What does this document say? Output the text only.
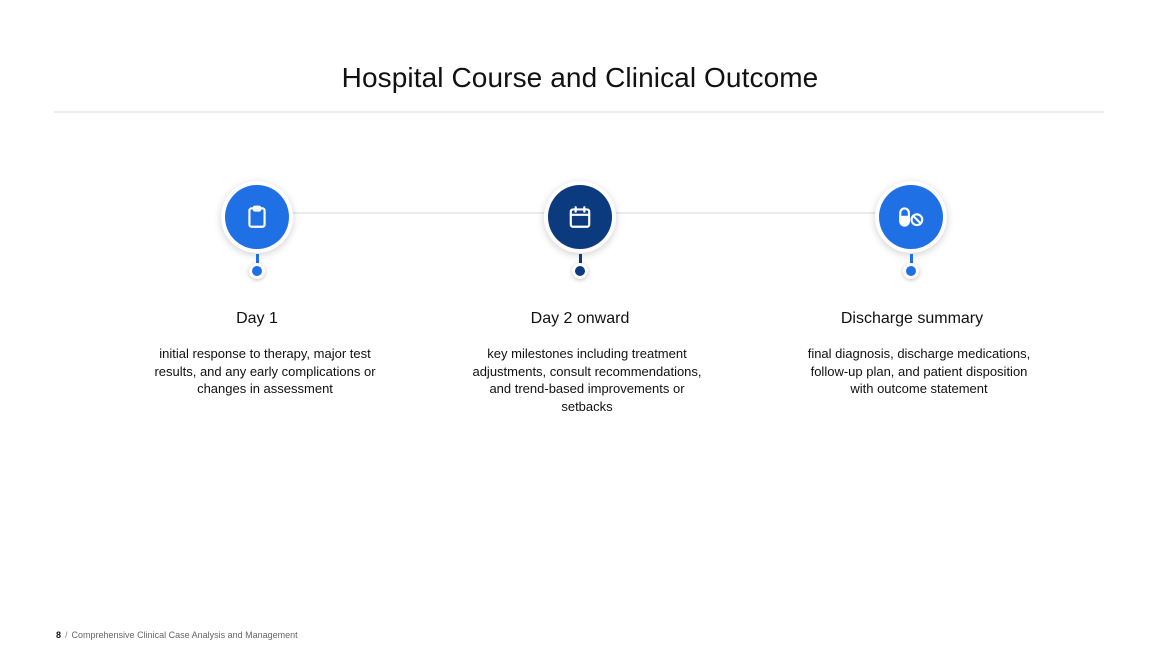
Hospital Course and Clinical Outcome
Day 1
initial response to therapy, major test results, and any early complications or changes in assessment
Day 2 onward
key milestones including treatment adjustments, consult recommendations, and trend-based improvements or setbacks
Discharge summary
final diagnosis, discharge medications, follow-up plan, and patient disposition with outcome statement
8 / Comprehensive Clinical Case Analysis and Management
